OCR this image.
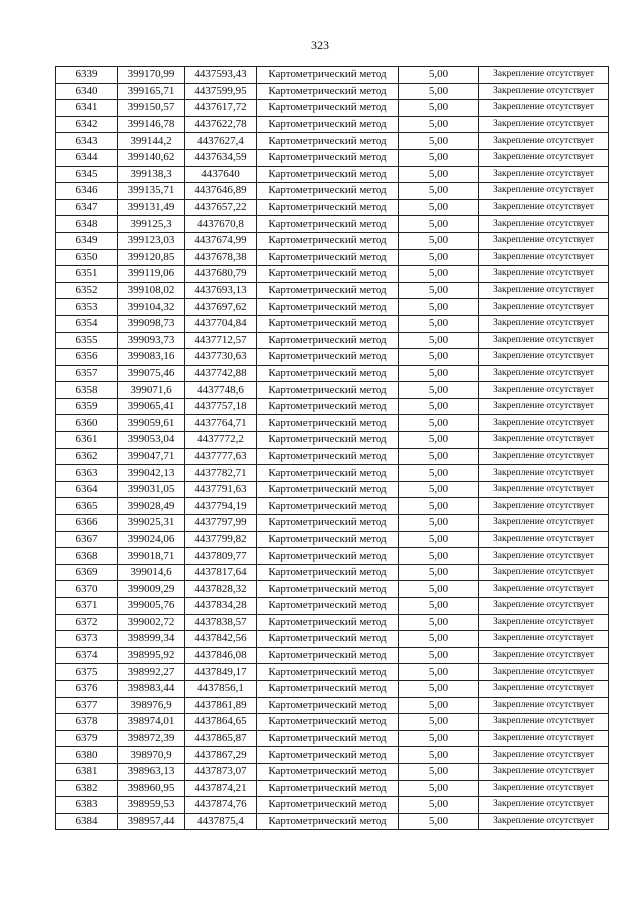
323
6339	399170,99	4437593,43	Картометрический метод	5,00	Закрепление отсутствует
6340	399165,71	4437599,95	Картометрический метод	5,00	Закрепление отсутствует
6341	399150,57	4437617,72	Картометрический метод	5,00	Закрепление отсутствует
6342	399146,78	4437622,78	Картометрический метод	5,00	Закрепление отсутствует
6343	399144,2	4437627,4	Картометрический метод	5,00	Закрепление отсутствует
6344	399140,62	4437634,59	Картометрический метод	5,00	Закрепление отсутствует
6345	399138,3	4437640	Картометрический метод	5,00	Закрепление отсутствует
6346	399135,71	4437646,89	Картометрический метод	5,00	Закрепление отсутствует
6347	399131,49	4437657,22	Картометрический метод	5,00	Закрепление отсутствует
6348	399125,3	4437670,8	Картометрический метод	5,00	Закрепление отсутствует
6349	399123,03	4437674,99	Картометрический метод	5,00	Закрепление отсутствует
6350	399120,85	4437678,38	Картометрический метод	5,00	Закрепление отсутствует
6351	399119,06	4437680,79	Картометрический метод	5,00	Закрепление отсутствует
6352	399108,02	4437693,13	Картометрический метод	5,00	Закрепление отсутствует
6353	399104,32	4437697,62	Картометрический метод	5,00	Закрепление отсутствует
6354	399098,73	4437704,84	Картометрический метод	5,00	Закрепление отсутствует
6355	399093,73	4437712,57	Картометрический метод	5,00	Закрепление отсутствует
6356	399083,16	4437730,63	Картометрический метод	5,00	Закрепление отсутствует
6357	399075,46	4437742,88	Картометрический метод	5,00	Закрепление отсутствует
6358	399071,6	4437748,6	Картометрический метод	5,00	Закрепление отсутствует
6359	399065,41	4437757,18	Картометрический метод	5,00	Закрепление отсутствует
6360	399059,61	4437764,71	Картометрический метод	5,00	Закрепление отсутствует
6361	399053,04	4437772,2	Картометрический метод	5,00	Закрепление отсутствует
6362	399047,71	4437777,63	Картометрический метод	5,00	Закрепление отсутствует
6363	399042,13	4437782,71	Картометрический метод	5,00	Закрепление отсутствует
6364	399031,05	4437791,63	Картометрический метод	5,00	Закрепление отсутствует
6365	399028,49	4437794,19	Картометрический метод	5,00	Закрепление отсутствует
6366	399025,31	4437797,99	Картометрический метод	5,00	Закрепление отсутствует
6367	399024,06	4437799,82	Картометрический метод	5,00	Закрепление отсутствует
6368	399018,71	4437809,77	Картометрический метод	5,00	Закрепление отсутствует
6369	399014,6	4437817,64	Картометрический метод	5,00	Закрепление отсутствует
6370	399009,29	4437828,32	Картометрический метод	5,00	Закрепление отсутствует
6371	399005,76	4437834,28	Картометрический метод	5,00	Закрепление отсутствует
6372	399002,72	4437838,57	Картометрический метод	5,00	Закрепление отсутствует
6373	398999,34	4437842,56	Картометрический метод	5,00	Закрепление отсутствует
6374	398995,92	4437846,08	Картометрический метод	5,00	Закрепление отсутствует
6375	398992,27	4437849,17	Картометрический метод	5,00	Закрепление отсутствует
6376	398983,44	4437856,1	Картометрический метод	5,00	Закрепление отсутствует
6377	398976,9	4437861,89	Картометрический метод	5,00	Закрепление отсутствует
6378	398974,01	4437864,65	Картометрический метод	5,00	Закрепление отсутствует
6379	398972,39	4437865,87	Картометрический метод	5,00	Закрепление отсутствует
6380	398970,9	4437867,29	Картометрический метод	5,00	Закрепление отсутствует
6381	398963,13	4437873,07	Картометрический метод	5,00	Закрепление отсутствует
6382	398960,95	4437874,21	Картометрический метод	5,00	Закрепление отсутствует
6383	398959,53	4437874,76	Картометрический метод	5,00	Закрепление отсутствует
6384	398957,44	4437875,4	Картометрический метод	5,00	Закрепление отсутствует
